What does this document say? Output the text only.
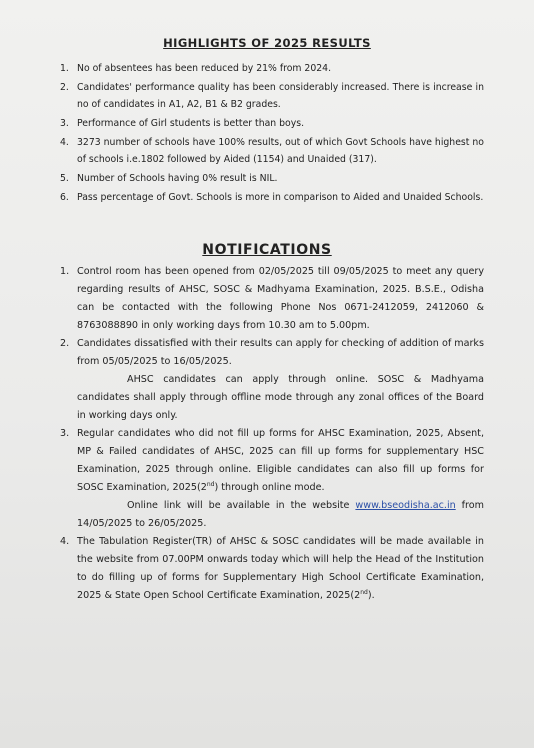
HIGHLIGHTS OF 2025 RESULTS
1. No of absentees has been reduced by 21% from 2024.
2. Candidates' performance quality has been considerably increased. There is increase in no of candidates in A1, A2, B1 & B2 grades.
3. Performance of Girl students is better than boys.
4. 3273 number of schools have 100% results, out of which Govt Schools have highest no of schools i.e.1802 followed by Aided (1154) and Unaided (317).
5. Number of Schools having 0% result is NIL.
6. Pass percentage of Govt. Schools is more in comparison to Aided and Unaided Schools.
NOTIFICATIONS
1. Control room has been opened from 02/05/2025 till 09/05/2025 to meet any query regarding results of AHSC, SOSC & Madhyama Examination, 2025. B.S.E., Odisha can be contacted with the following Phone Nos 0671-2412059, 2412060 & 8763088890 in only working days from 10.30 am to 5.00pm.
2. Candidates dissatisfied with their results can apply for checking of addition of marks from 05/05/2025 to 16/05/2025.
AHSC candidates can apply through online. SOSC & Madhyama candidates shall apply through offline mode through any zonal offices of the Board in working days only.
3. Regular candidates who did not fill up forms for AHSC Examination, 2025, Absent, MP & Failed candidates of AHSC, 2025 can fill up forms for supplementary HSC Examination, 2025 through online. Eligible candidates can also fill up forms for SOSC Examination, 2025(2nd) through online mode.
Online link will be available in the website www.bseodisha.ac.in from 14/05/2025 to 26/05/2025.
4. The Tabulation Register(TR) of AHSC & SOSC candidates will be made available in the website from 07.00PM onwards today which will help the Head of the Institution to do filling up of forms for Supplementary High School Certificate Examination, 2025 & State Open School Certificate Examination, 2025(2nd).
